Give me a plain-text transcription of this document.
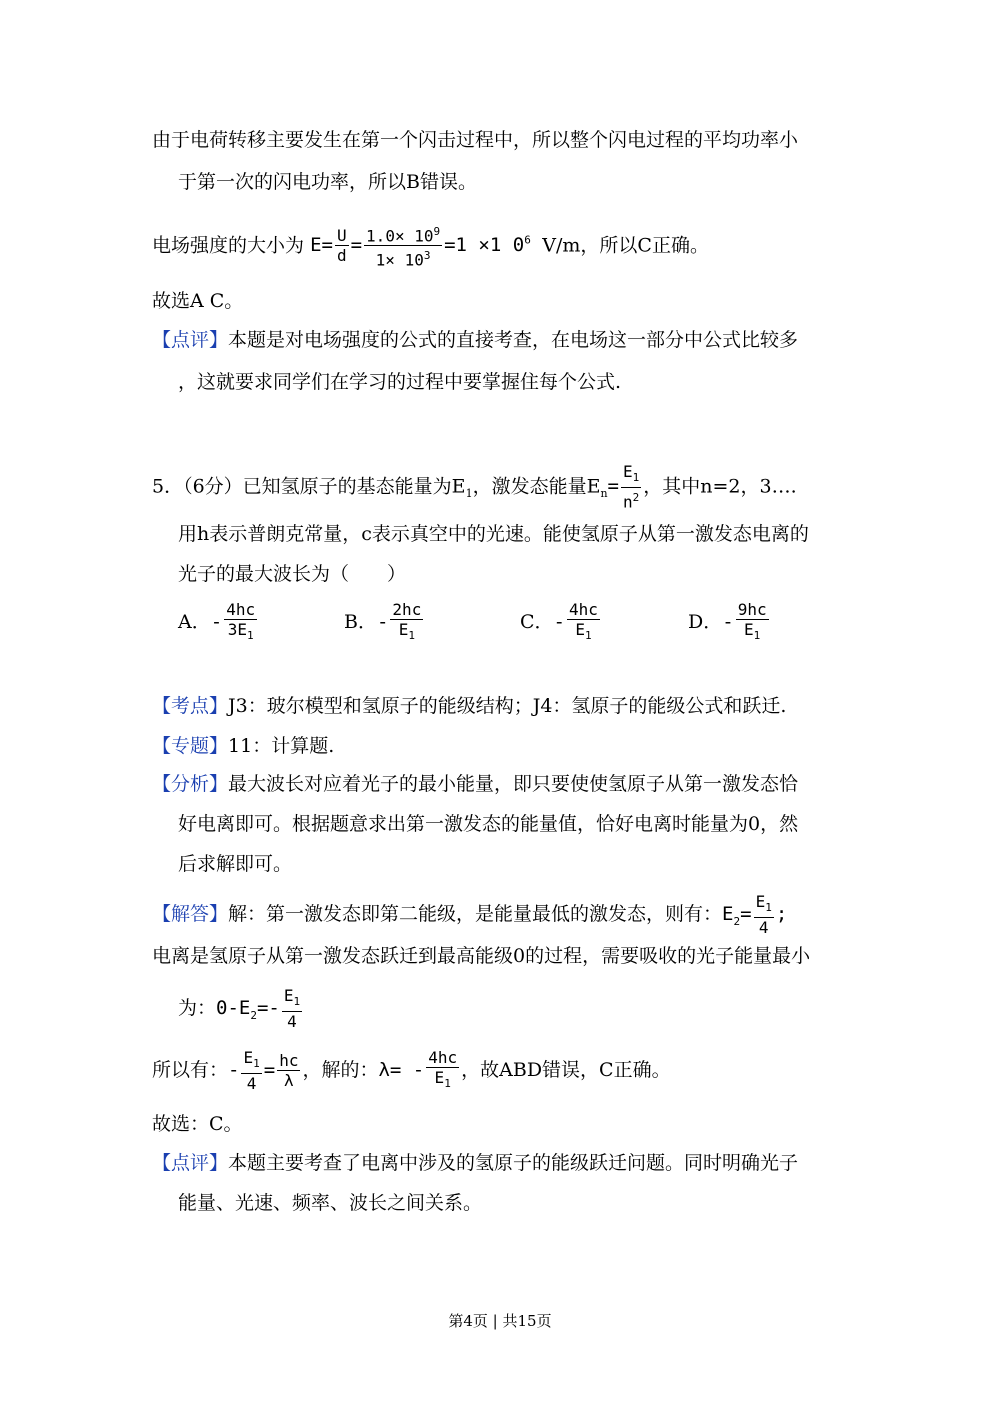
由于电荷转移主要发生在第一个闪击过程中，所以整个闪电过程的平均功率小
于第一次的闪电功率，所以B错误。
电场强度的大小为 $E= \frac{U}{d} = \frac{1.0\times 10^9}{1\times 10^3} =1 \times 1$ $0^6$ V/m，所以C正确。
故选A C。
【点评】本题是对电场强度的公式的直接考查，在电场这一部分中公式比较多
，这就要求同学们在学习的过程中要掌握住每个公式.
5．（6分）已知氢原子的基态能量为$E_1$，激发态能量$E_n= \frac{E_1}{n^2}$ ，其中n=2，3….
用h表示普朗克常量，c表示真空中的光速。能使氢原子从第一激发态电离的
光子的最大波长为（　　）
A．- $\frac{4hc}{3E_1}$	B．- $\frac{2hc}{E_1}$	C．- $\frac{4hc}{E_1}$	D．- $\frac{9hc}{E_1}$
【考点】J3：玻尔模型和氢原子的能级结构；J4：氢原子的能级公式和跃迁.
【专题】11：计算题.
【分析】最大波长对应着光子的最小能量，即只要使使氢原子从第一激发态恰
好电离即可。根据题意求出第一激发态的能量值，恰好电离时能量为0，然
后求解即可。
【解答】解：第一激发态即第二能级，是能量最低的激发态，则有：$E_2= \frac{E_1}{4}$ ;
电离是氢原子从第一激发态跃迁到最高能级0的过程，需要吸收的光子能量最小
为：$0-E_2=- \frac{E_1}{4}$
所以有：- $\frac{E_1}{4} = \frac{hc}{\lambda}$ ，解的：$\lambda= - \frac{4hc}{E_1}$ ，故ABD错误，C正确。
故选：C。
【点评】本题主要考查了电离中涉及的氢原子的能级跃迁问题。同时明确光子
能量、光速、频率、波长之间关系。
第4页 | 共15页
